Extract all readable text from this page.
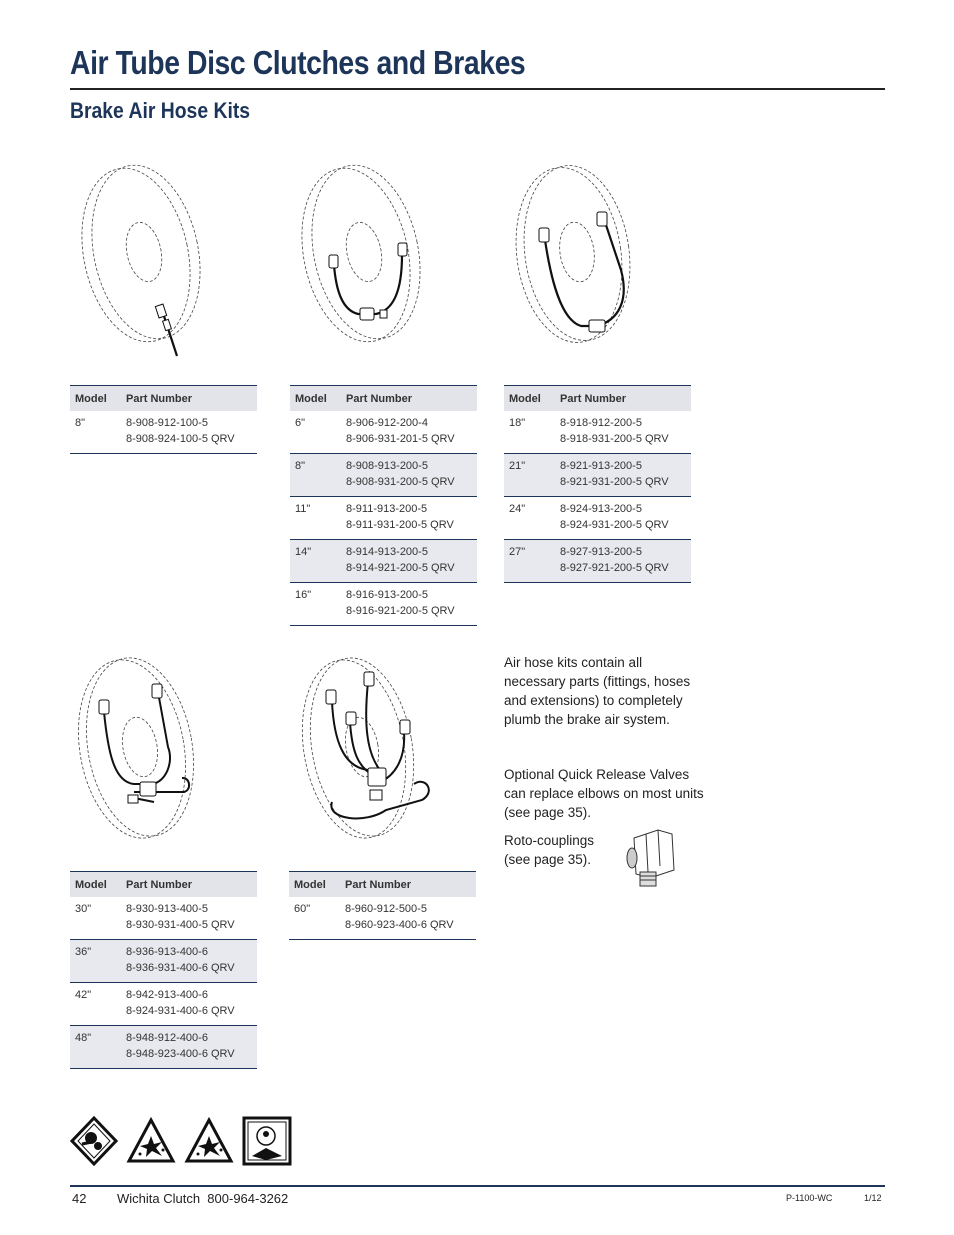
Air Tube Disc Clutches and Brakes
Brake Air Hose Kits
Model	Part Number
8"	8-908-912-100-5
8-908-924-100-5 QRV
Model	Part Number
6"	8-906-912-200-4
8-906-931-201-5 QRV
8"	8-908-913-200-5
8-908-931-200-5 QRV
11"	8-911-913-200-5
8-911-931-200-5 QRV
14"	8-914-913-200-5
8-914-921-200-5 QRV
16"	8-916-913-200-5
8-916-921-200-5 QRV
Model	Part Number
18"	8-918-912-200-5
8-918-931-200-5 QRV
21"	8-921-913-200-5
8-921-931-200-5 QRV
24"	8-924-913-200-5
8-924-931-200-5 QRV
27"	8-927-913-200-5
8-927-921-200-5 QRV
Model	Part Number
30"	8-930-913-400-5
8-930-931-400-5 QRV
36"	8-936-913-400-6
8-936-931-400-6 QRV
42"	8-942-913-400-6
8-924-931-400-6 QRV
48"	8-948-912-400-6
8-948-923-400-6 QRV
Model	Part Number
60"	8-960-912-500-5
8-960-923-400-6 QRV
Air hose kits contain all necessary parts (fittings, hoses and extensions) to completely plumb the brake air system.
Optional Quick Release Valves can replace elbows on most units (see page 35).
Roto-couplings (see page 35).
42 Wichita Clutch  800-964-3262	P-1100-WC	1/12
